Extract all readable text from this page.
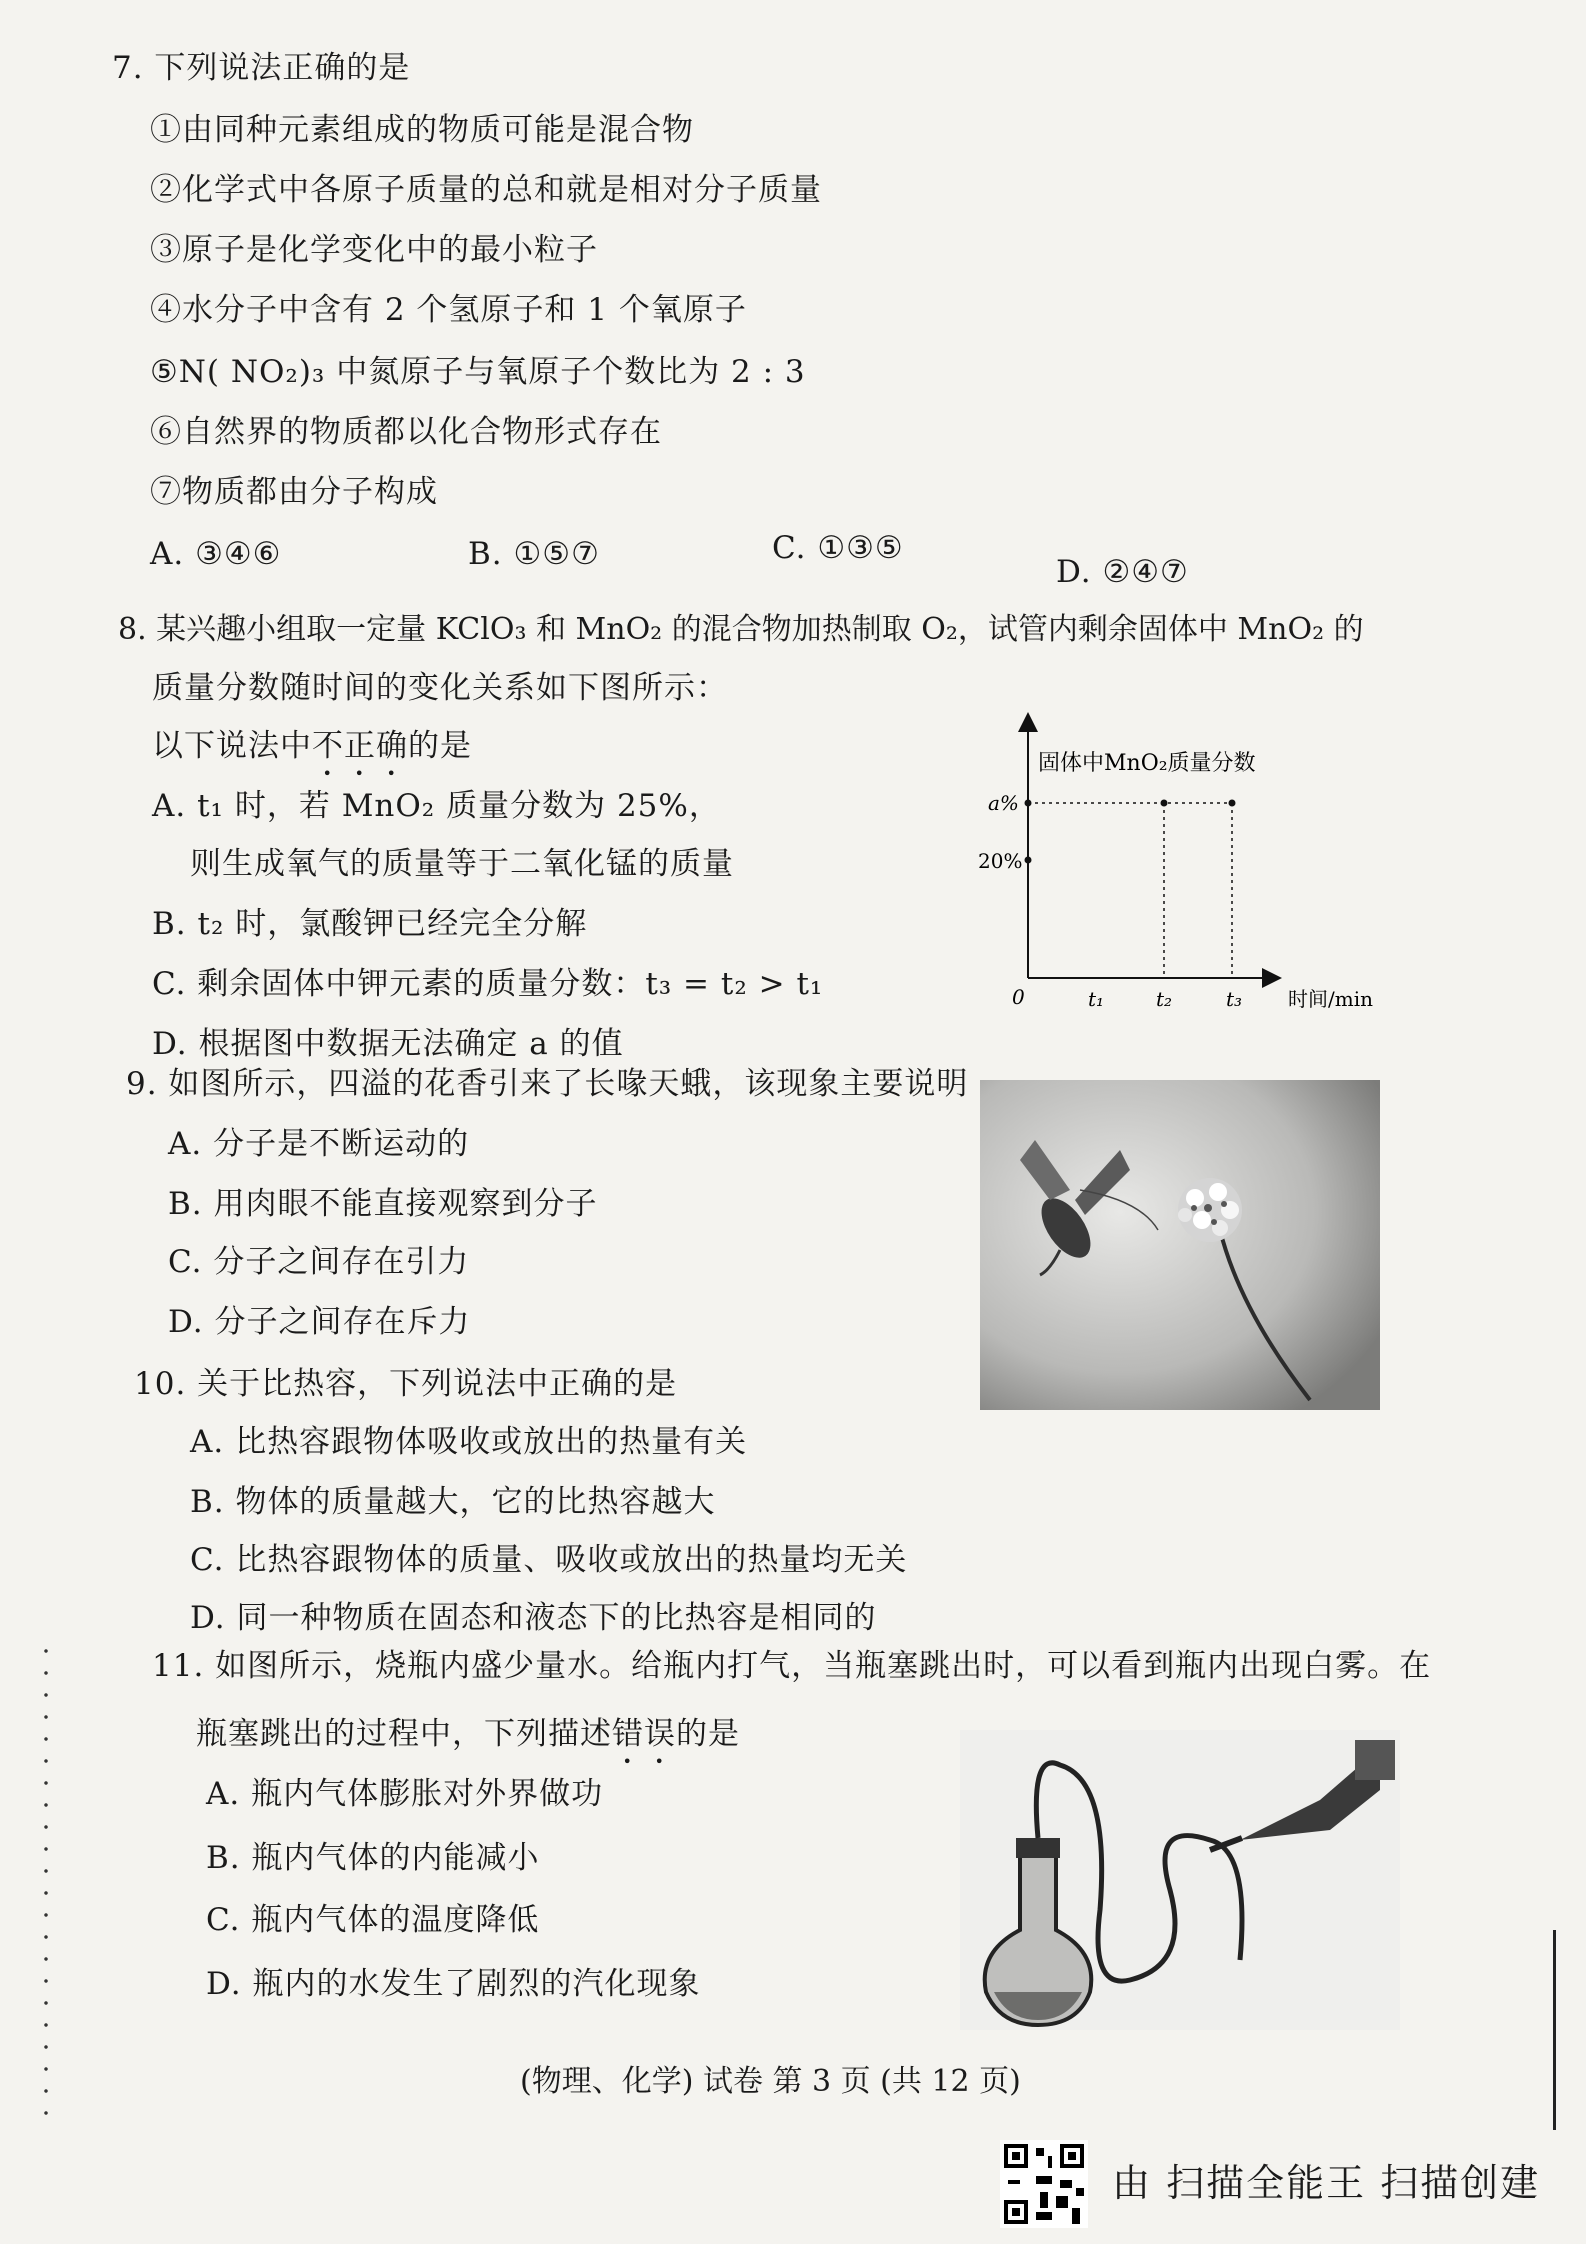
7. 下列说法正确的是
①由同种元素组成的物质可能是混合物
②化学式中各原子质量的总和就是相对分子质量
③原子是化学变化中的最小粒子
④水分子中含有 2 个氢原子和 1 个氧原子
⑤N( NO₂)₃ 中氮原子与氧原子个数比为 2 : 3
⑥自然界的物质都以化合物形式存在
⑦物质都由分子构成
A. ③④⑥	B. ①⑤⑦	C. ①③⑤
D. ②④⑦
8. 某兴趣小组取一定量 KClO₃ 和 MnO₂ 的混合物加热制取 O₂，试管内剩余固体中 MnO₂ 的
质量分数随时间的变化关系如下图所示：
以下说法中不正确的是
A. t₁ 时，若 MnO₂ 质量分数为 25%，
则生成氧气的质量等于二氧化锰的质量
B. t₂ 时，氯酸钾已经完全分解
C. 剩余固体中钾元素的质量分数：t₃ = t₂ > t₁
D. 根据图中数据无法确定 a 的值
固体中MnO₂质量分数
时间/min
a%
20%
0	t₁	t₂	t₃
9. 如图所示，四溢的花香引来了长喙天蛾，该现象主要说明
A. 分子是不断运动的
B. 用肉眼不能直接观察到分子
C. 分子之间存在引力
D. 分子之间存在斥力
10. 关于比热容，下列说法中正确的是
A. 比热容跟物体吸收或放出的热量有关
B. 物体的质量越大，它的比热容越大
C. 比热容跟物体的质量、吸收或放出的热量均无关
D. 同一种物质在固态和液态下的比热容是相同的
11. 如图所示，烧瓶内盛少量水。给瓶内打气，当瓶塞跳出时，可以看到瓶内出现白雾。在
瓶塞跳出的过程中，下列描述错误的是
A. 瓶内气体膨胀对外界做功
B. 瓶内气体的内能减小
C. 瓶内气体的温度降低
D. 瓶内的水发生了剧烈的汽化现象
(物理、化学) 试卷 第 3 页 (共 12 页)
由 扫描全能王 扫描创建
